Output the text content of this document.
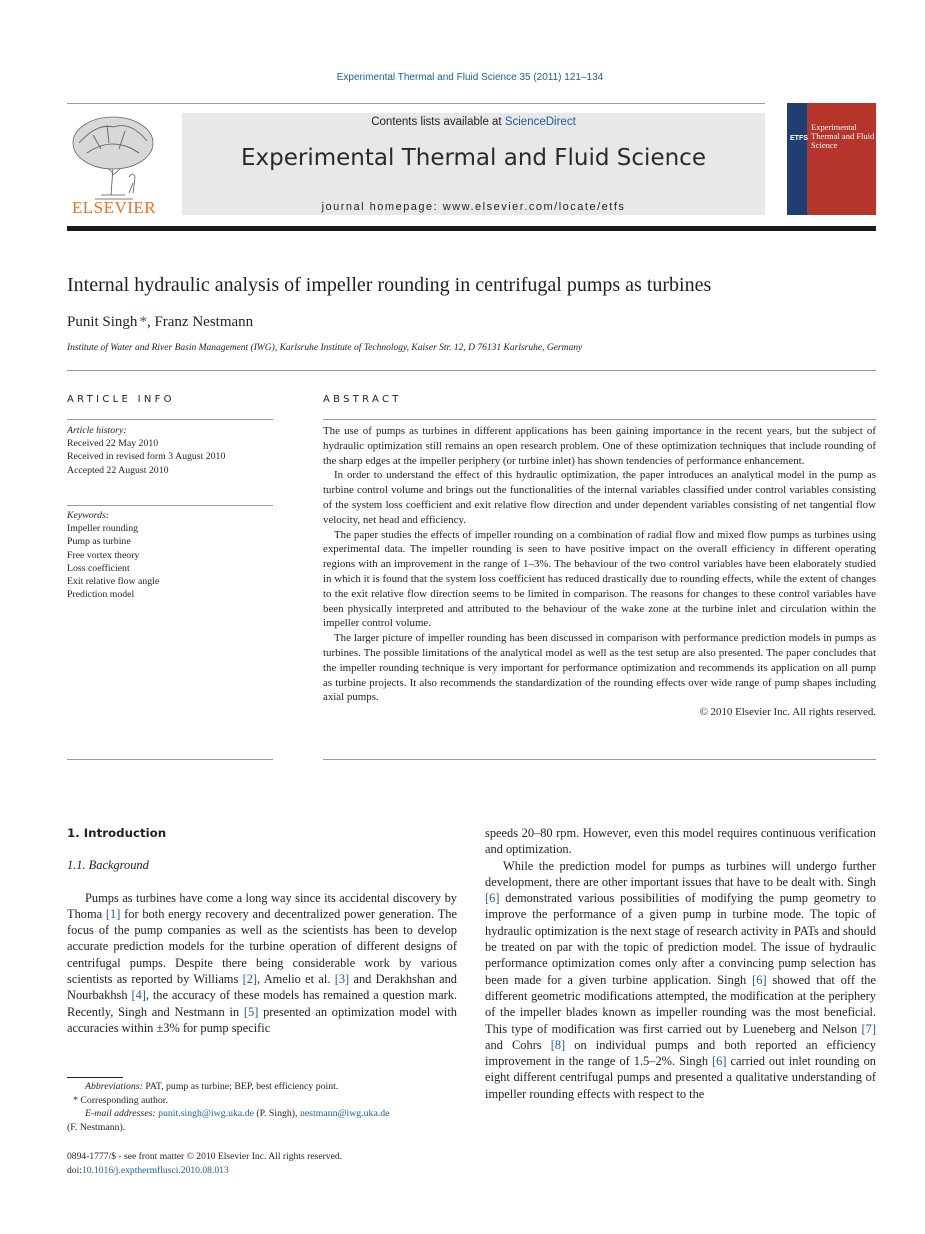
Experimental Thermal and Fluid Science 35 (2011) 121–134
ELSEVIER
Contents lists available at ScienceDirect
Experimental Thermal and Fluid Science
journal homepage: www.elsevier.com/locate/etfs
ETFS
Experimental Thermal and Fluid Science
Internal hydraulic analysis of impeller rounding in centrifugal pumps as turbines
Punit Singh *, Franz Nestmann
Institute of Water and River Basin Management (IWG), Karlsruhe Institute of Technology, Kaiser Str. 12, D 76131 Karlsruhe, Germany
ARTICLE INFO	ABSTRACT
Article history:
Received 22 May 2010
Received in revised form 3 August 2010
Accepted 22 August 2010
Keywords:
Impeller rounding
Pump as turbine
Free vortex theory
Loss coefficient
Exit relative flow angle
Prediction model

The use of pumps as turbines in different applications has been gaining importance in the recent years, but the subject of hydraulic optimization still remains an open research problem. One of these optimization techniques that include rounding of the sharp edges at the impeller periphery (or turbine inlet) has shown tendencies of performance enhancement.

In order to understand the effect of this hydraulic optimization, the paper introduces an analytical model in the pump as turbine control volume and brings out the functionalities of the internal variables classified under control variables consisting of the system loss coefficient and exit relative flow direction and under dependent variables consisting of net tangential flow velocity, net head and efficiency.

The paper studies the effects of impeller rounding on a combination of radial flow and mixed flow pumps as turbines using experimental data. The impeller rounding is seen to have positive impact on the overall efficiency in different operating regions with an improvement in the range of 1–3%. The behaviour of the two control variables have been elaborately studied in which it is found that the system loss coefficient has reduced drastically due to rounding effects, while the extent of changes to the exit relative flow direction seems to be limited in comparison. The reasons for changes to these control variables have been physically interpreted and attributed to the behaviour of the wake zone at the turbine inlet and circulation within the impeller control volume.

The larger picture of impeller rounding has been discussed in comparison with performance prediction models in pumps as turbines. The possible limitations of the analytical model as well as the test setup are also presented. The paper concludes that the impeller rounding technique is very important for performance optimization and recommends its application on all pump as turbine projects. It also recommends the standardization of the rounding effects over wide range of pump shapes including axial pumps.

© 2010 Elsevier Inc. All rights reserved.

1. Introduction

1.1. Background

Pumps as turbines have come a long way since its accidental discovery by Thoma [1] for both energy recovery and decentralized power generation. The focus of the pump companies as well as the scientists has been to develop accurate prediction models for the turbine operation of different designs of centrifugal pumps. Despite there being considerable work by various scientists as reported by Williams [2], Amelio et al. [3] and Derakhshan and Nourbakhsh [4], the accuracy of these models has remained a question mark. Recently, Singh and Nestmann in [5] presented an optimization model with accuracies within ±3% for pump specific

speeds 20–80 rpm. However, even this model requires continuous verification and optimization.

While the prediction model for pumps as turbines will undergo further development, there are other important issues that have to be dealt with. Singh [6] demonstrated various possibilities of modifying the pump geometry to improve the performance of a given pump in turbine mode. The topic of hydraulic optimization is the next stage of research activity in PATs and should be treated on par with the topic of prediction model. The issue of hydraulic performance optimization comes only after a convincing pump selection has been made for a given turbine application. Singh [6] showed that off the different geometric modifications attempted, the modification at the periphery of the impeller blades known as impeller rounding was the most beneficial. This type of modification was first carried out by Lueneberg and Nelson [7] and Cohrs [8] on individual pumps and both reported an efficiency improvement in the range of 1.5–2%. Singh [6] carried out inlet rounding on eight different centrifugal pumps and presented a qualitative understanding of impeller rounding effects with respect to the

Abbreviations: PAT, pump as turbine; BEP, best efficiency point.

* Corresponding author.

E-mail addresses: punit.singh@iwg.uka.de (P. Singh), nestmann@iwg.uka.de

(F. Nestmann).

0894-1777/$ - see front matter © 2010 Elsevier Inc. All rights reserved.

doi:10.1016/j.expthermflusci.2010.08.013
